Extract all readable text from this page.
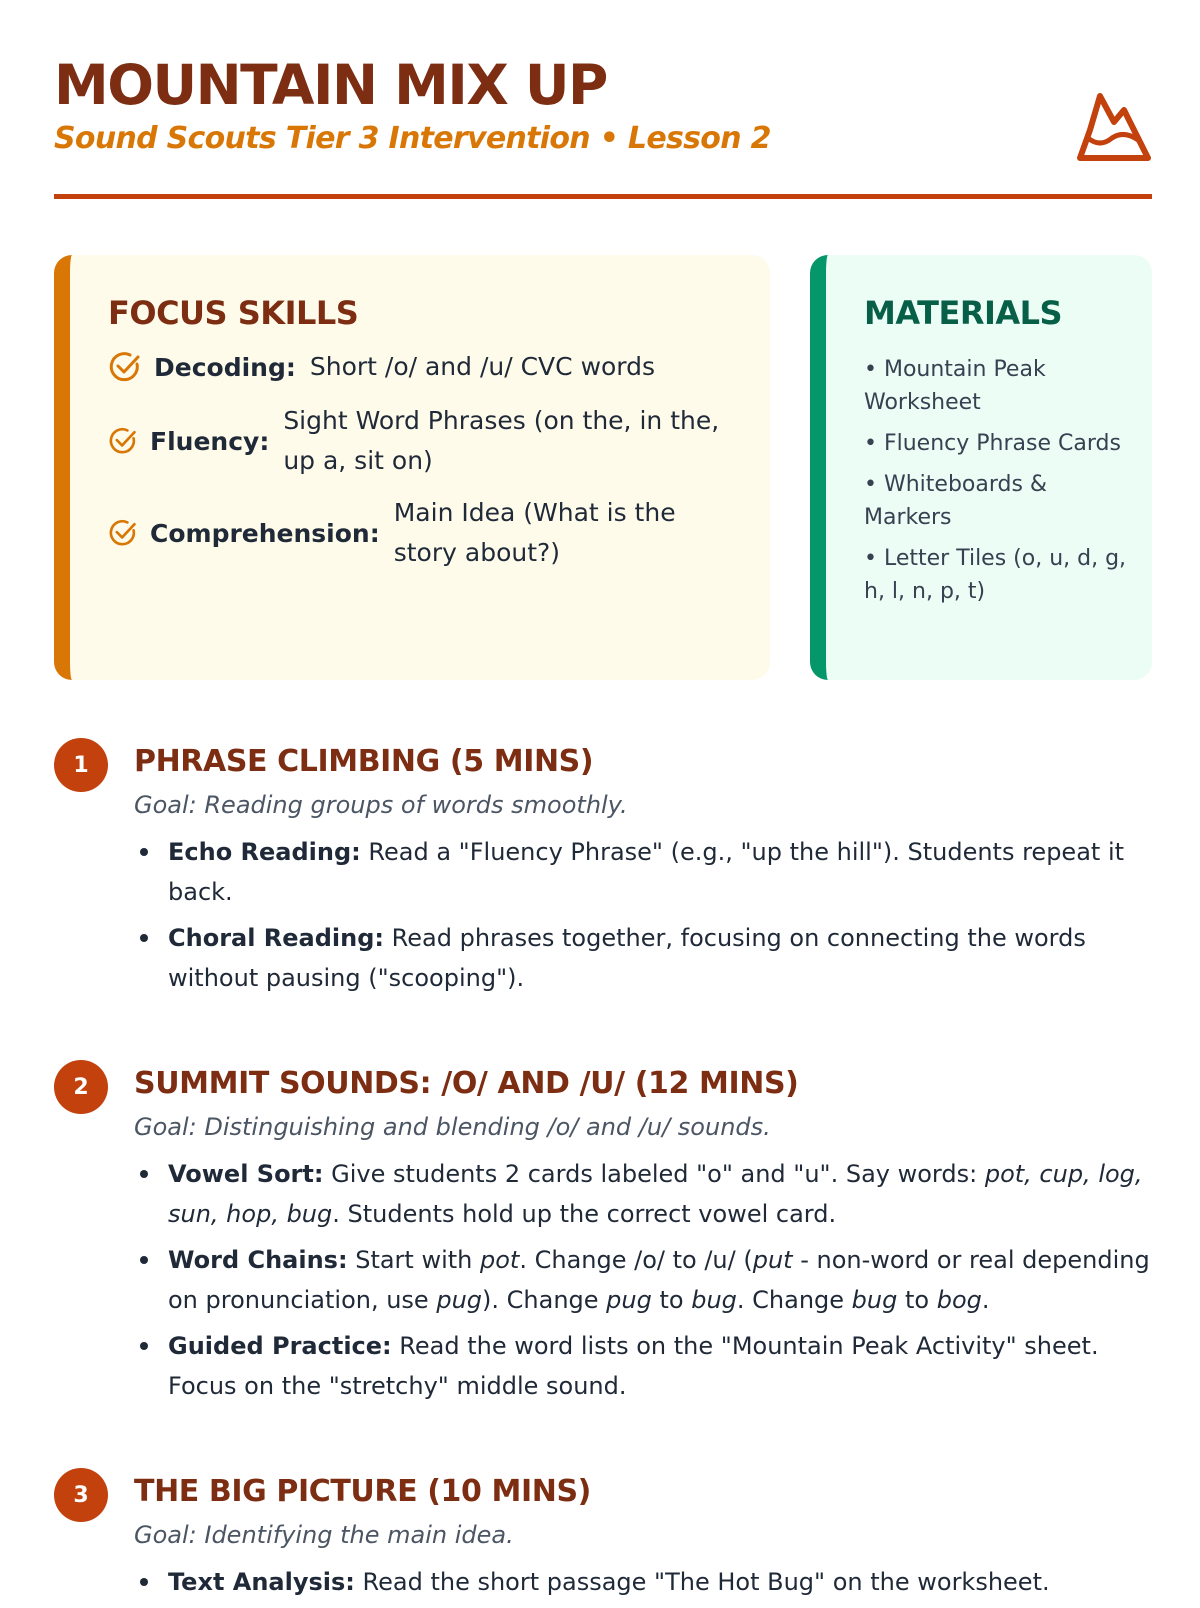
MOUNTAIN MIX UP
Sound Scouts Tier 3 Intervention • Lesson 2
FOCUS SKILLS
Decoding: Short /o/ and /u/ CVC words
Fluency:
Sight Word Phrases (on the, in the, up a, sit on)
Comprehension:
Main Idea (What is the story about?)
MATERIALS
• Mountain Peak Worksheet
• Fluency Phrase Cards
• Whiteboards & Markers
• Letter Tiles (o, u, d, g, h, l, n, p, t)
1	PHRASE CLIMBING (5 MINS)
Goal: Reading groups of words smoothly.
Echo Reading: Read a "Fluency Phrase" (e.g., "up the hill"). Students repeat it back.
Choral Reading: Read phrases together, focusing on connecting the words without pausing ("scooping").
2	SUMMIT SOUNDS: /O/ AND /U/ (12 MINS)
Goal: Distinguishing and blending /o/ and /u/ sounds.
Vowel Sort: Give students 2 cards labeled "o" and "u". Say words: pot, cup, log, sun, hop, bug. Students hold up the correct vowel card.
Word Chains: Start with pot. Change /o/ to /u/ (put - non-word or real depending on pronunciation, use pug). Change pug to bug. Change bug to bog.
Guided Practice: Read the word lists on the "Mountain Peak Activity" sheet. Focus on the "stretchy" middle sound.
3	THE BIG PICTURE (10 MINS)
Goal: Identifying the main idea.
Text Analysis: Read the short passage "The Hot Bug" on the worksheet.
